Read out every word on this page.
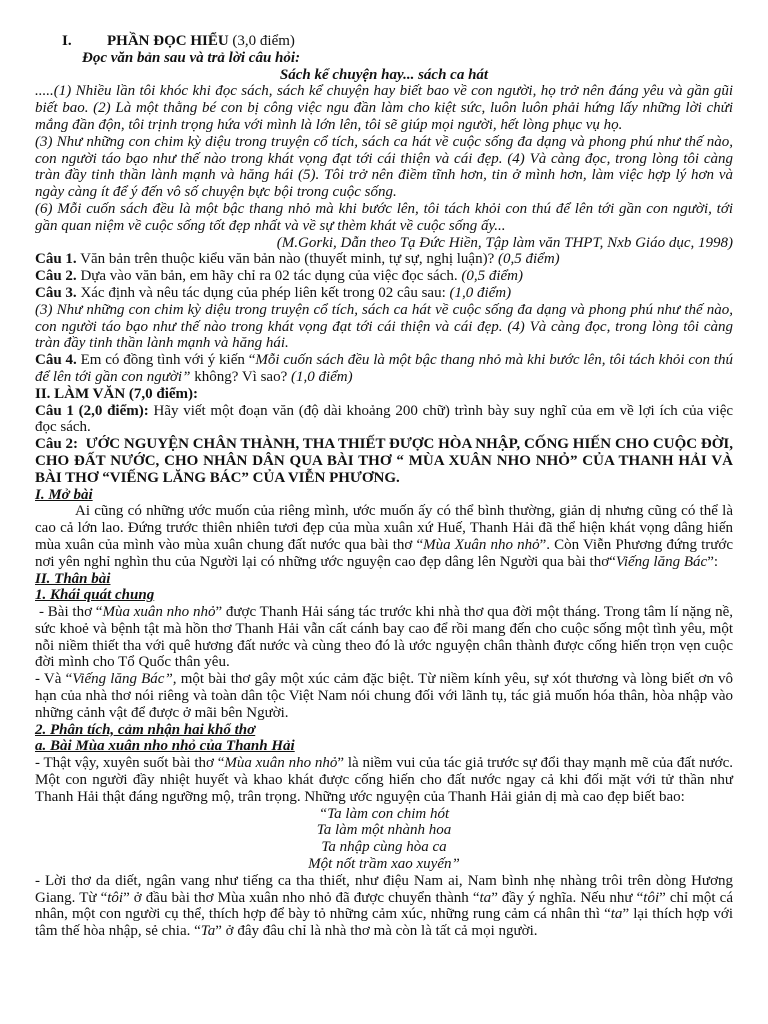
I. PHẦN ĐỌC HIỂU (3,0 điểm)

Đọc văn bản sau và trả lời câu hỏi:

Sách kể chuyện hay... sách ca hát

.....(1) Nhiều lần tôi khóc khi đọc sách, sách kể chuyện hay biết bao về con người, họ trở nên đáng yêu và gần gũi biết bao. (2) Là một thằng bé con bị công việc ngu đần làm cho kiệt sức, luôn luôn phải hứng lấy những lời chửi mắng đần độn, tôi trịnh trọng hứa với mình là lớn lên, tôi sẽ giúp mọi người, hết lòng phục vụ họ.

(3) Như những con chim kỳ diệu trong truyện cổ tích, sách ca hát về cuộc sống đa dạng và phong phú như thế nào, con người táo bạo như thế nào trong khát vọng đạt tới cái thiện và cái đẹp. (4) Và càng đọc, trong lòng tôi càng tràn đầy tinh thần lành mạnh và hăng hái (5). Tôi trở nên điềm tĩnh hơn, tin ở mình hơn, làm việc hợp lý hơn và ngày càng ít để ý đến vô số chuyện bực bội trong cuộc sống.

(6) Mỗi cuốn sách đều là một bậc thang nhỏ mà khi bước lên, tôi tách khỏi con thú để lên tới gần con người, tới gần quan niệm về cuộc sống tốt đẹp nhất và về sự thèm khát về cuộc sống ấy...

(M.Gorki, Dẫn theo Tạ Đức Hiền, Tập làm văn THPT, Nxb Giáo dục, 1998)

Câu 1. Văn bản trên thuộc kiểu văn bản nào (thuyết minh, tự sự, nghị luận)? (0,5 điểm)

Câu 2. Dựa vào văn bản, em hãy chỉ ra 02 tác dụng của việc đọc sách. (0,5 điểm)

Câu 3. Xác định và nêu tác dụng của phép liên kết trong 02 câu sau: (1,0 điểm)

(3) Như những con chim kỳ diệu trong truyện cổ tích, sách ca hát về cuộc sống đa dạng và phong phú như thế nào, con người táo bạo như thế nào trong khát vọng đạt tới cái thiện và cái đẹp. (4) Và càng đọc, trong lòng tôi càng tràn đầy tinh thần lành mạnh và hăng hái.

Câu 4. Em có đồng tình với ý kiến “Mỗi cuốn sách đều là một bậc thang nhỏ mà khi bước lên, tôi tách khỏi con thú để lên tới gần con người” không? Vì sao? (1,0 điểm)

II. LÀM VĂN (7,0 điểm):

Câu 1 (2,0 điểm): Hãy viết một đoạn văn (độ dài khoảng 200 chữ) trình bày suy nghĩ của em về lợi ích của việc đọc sách.

Câu 2: ƯỚC NGUYỆN CHÂN THÀNH, THA THIẾT ĐƯỢC HÒA NHẬP, CỐNG HIẾN CHO CUỘC ĐỜI, CHO ĐẤT NƯỚC, CHO NHÂN DÂN QUA BÀI THƠ “ MÙA XUÂN NHO NHỎ” CỦA THANH HẢI VÀ BÀI THƠ “VIẾNG LĂNG BÁC” CỦA VIỄN PHƯƠNG.

I. Mở bài

Ai cũng có những ước muốn của riêng mình, ước muốn ấy có thể bình thường, giản dị nhưng cũng có thể là cao cả lớn lao. Đứng trước thiên nhiên tươi đẹp của mùa xuân xứ Huế, Thanh Hải đã thể hiện khát vọng dâng hiến mùa xuân của mình vào mùa xuân chung đất nước qua bài thơ “Mùa Xuân nho nhỏ”. Còn Viễn Phương đứng trước nơi yên nghỉ nghìn thu của Người lại có những ước nguyện cao đẹp dâng lên Người qua bài thơ“Viếng lăng Bác”:

II. Thân bài

1. Khái quát chung

- Bài thơ “Mùa xuân nho nhỏ” được Thanh Hải sáng tác trước khi nhà thơ qua đời một tháng. Trong tâm lí nặng nề, sức khoẻ và bệnh tật mà hồn thơ Thanh Hải vẫn cất cánh bay cao để rồi mang đến cho cuộc sống một tình yêu, một nỗi niềm thiết tha với quê hương đất nước và cùng theo đó là ước nguyện chân thành được cống hiến trọn vẹn cuộc đời mình cho Tổ Quốc thân yêu.

- Và “Viếng lăng Bác”, một bài thơ gây một xúc cảm đặc biệt. Từ niềm kính yêu, sự xót thương và lòng biết ơn vô hạn của nhà thơ nói riêng và toàn dân tộc Việt Nam nói chung đối với lãnh tụ, tác giả muốn hóa thân, hòa nhập vào những cảnh vật để được ở mãi bên Người.

2. Phân tích, cảm nhận hai khổ thơ

a. Bài Mùa xuân nho nhỏ của Thanh Hải

- Thật vậy, xuyên suốt bài thơ “Mùa xuân nho nhỏ” là niềm vui của tác giả trước sự đổi thay mạnh mẽ của đất nước. Một con người đầy nhiệt huyết và khao khát được cống hiến cho đất nước ngay cả khi đối mặt với tử thần như Thanh Hải thật đáng ngưỡng mộ, trân trọng. Những ước nguyện của Thanh Hải giản dị mà cao đẹp biết bao:

“Ta làm con chim hót

Ta làm một nhành hoa

Ta nhập cùng hòa ca

Một nốt trầm xao xuyến”

- Lời thơ da diết, ngân vang như tiếng ca tha thiết, như điệu Nam ai, Nam bình nhẹ nhàng trôi trên dòng Hương Giang. Từ “tôi” ở đầu bài thơ Mùa xuân nho nhỏ đã được chuyển thành “ta” đầy ý nghĩa. Nếu như “tôi” chỉ một cá nhân, một con người cụ thể, thích hợp để bày tỏ những cảm xúc, những rung cảm cá nhân thì “ta” lại thích hợp với tâm thế hòa nhập, sẻ chia. “Ta” ở đây đâu chỉ là nhà thơ mà còn là tất cả mọi người.
